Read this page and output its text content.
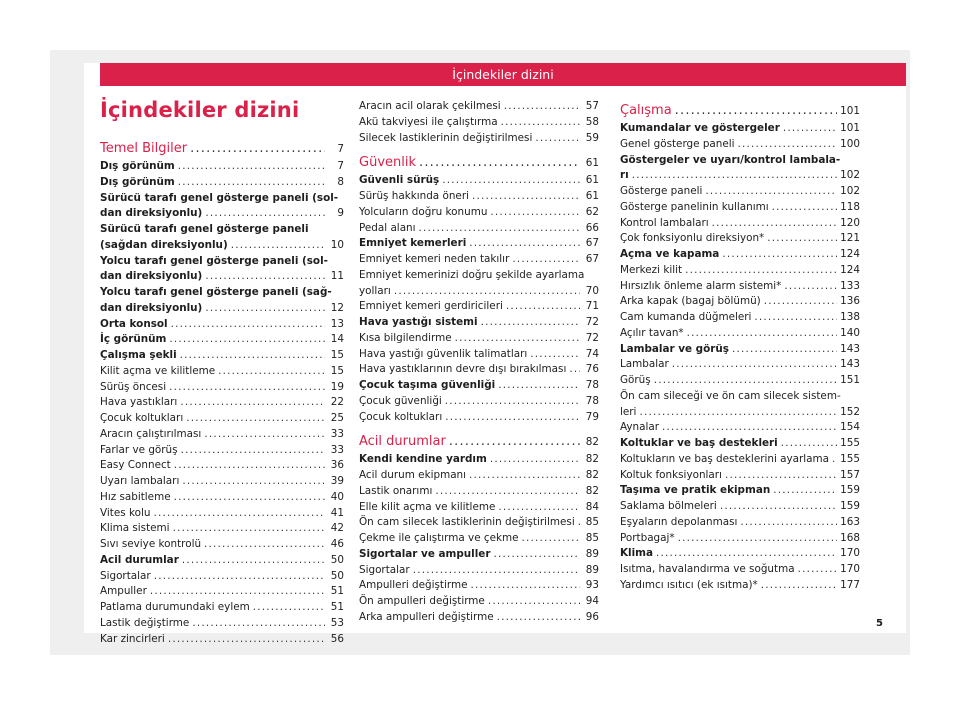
İçindekiler dizini
İçindekiler dizini
Temel Bilgiler .....	7
Dış görünüm .....	7
Dış görünüm .....	8
Sürücü tarafı genel gösterge paneli (sol-
dan direksiyonlu) .....	9
Sürücü tarafı genel gösterge paneli
(sağdan direksiyonlu) .....	10
Yolcu tarafı genel gösterge paneli (sol-
dan direksiyonlu) .....	11
Yolcu tarafı genel gösterge paneli (sağ-
dan direksiyonlu) .....	12
Orta konsol .....	13
İç görünüm .....	14
Çalışma şekli .....	15
Kilit açma ve kilitleme .....	15
Sürüş öncesi .....	19
Hava yastıkları .....	22
Çocuk koltukları .....	25
Aracın çalıştırılması .....	33
Farlar ve görüş .....	33
Easy Connect .....	36
Uyarı lambaları .....	39
Hız sabitleme .....	40
Vites kolu .....	41
Klima sistemi .....	42
Sıvı seviye kontrolü .....	46
Acil durumlar .....	50
Sigortalar .....	50
Ampuller .....	51
Patlama durumundaki eylem .....	51
Lastik değiştirme .....	53
Kar zincirleri .....	56
Aracın acil olarak çekilmesi .....	57
Akü takviyesi ile çalıştırma .....	58
Silecek lastiklerinin değiştirilmesi .....	59
Güvenlik .....	61
Güvenli sürüş .....	61
Sürüş hakkında öneri .....	61
Yolcuların doğru konumu .....	62
Pedal alanı .....	66
Emniyet kemerleri .....	67
Emniyet kemeri neden takılır .....	67
Emniyet kemerinizi doğru şekilde ayarlama
yolları .....	70
Emniyet kemeri gerdiricileri .....	71
Hava yastığı sistemi .....	72
Kısa bilgilendirme .....	72
Hava yastığı güvenlik talimatları .....	74
Hava yastıklarının devre dışı bırakılması ..... 76
Çocuk taşıma güvenliği .....	78
Çocuk güvenliği .....	78
Çocuk koltukları .....	79
Acil durumlar .....	82
Kendi kendine yardım .....	82
Acil durum ekipmanı .....	82
Lastik onarımı .....	82
Elle kilit açma ve kilitleme .....	84
Ön cam silecek lastiklerinin değiştirilmesi ..... 85
Çekme ile çalıştırma ve çekme .....	85
Sigortalar ve ampuller .....	89
Sigortalar .....	89
Ampulleri değiştirme .....	93
Ön ampulleri değiştirme .....	94
Arka ampulleri değiştirme .....	96
Çalışma .....	101
Kumandalar ve göstergeler .....	101
Genel gösterge paneli .....	100
Göstergeler ve uyarı/kontrol lambala-
rı .....	102
Gösterge paneli .....	102
Gösterge panelinin kullanımı .....	118
Kontrol lambaları .....	120
Çok fonksiyonlu direksiyon* .....	121
Açma ve kapama .....	124
Merkezi kilit .....	124
Hırsızlık önleme alarm sistemi* .....	133
Arka kapak (bagaj bölümü) .....	136
Cam kumanda düğmeleri .....	138
Açılır tavan* .....	140
Lambalar ve görüş .....	143
Lambalar .....	143
Görüş .....	151
Ön cam sileceği ve ön cam silecek sistem-
leri .....	152
Aynalar .....	154
Koltuklar ve baş destekleri .....	155
Koltukların ve baş desteklerini ayarlama ..... 155
Koltuk fonksiyonları .....	157
Taşıma ve pratik ekipman .....	159
Saklama bölmeleri .....	159
Eşyaların depolanması .....	163
Portbagaj* .....	168
Klima .....	170
Isıtma, havalandırma ve soğutma .....	170
Yardımcı ısıtıcı (ek ısıtma)* .....	177
5
